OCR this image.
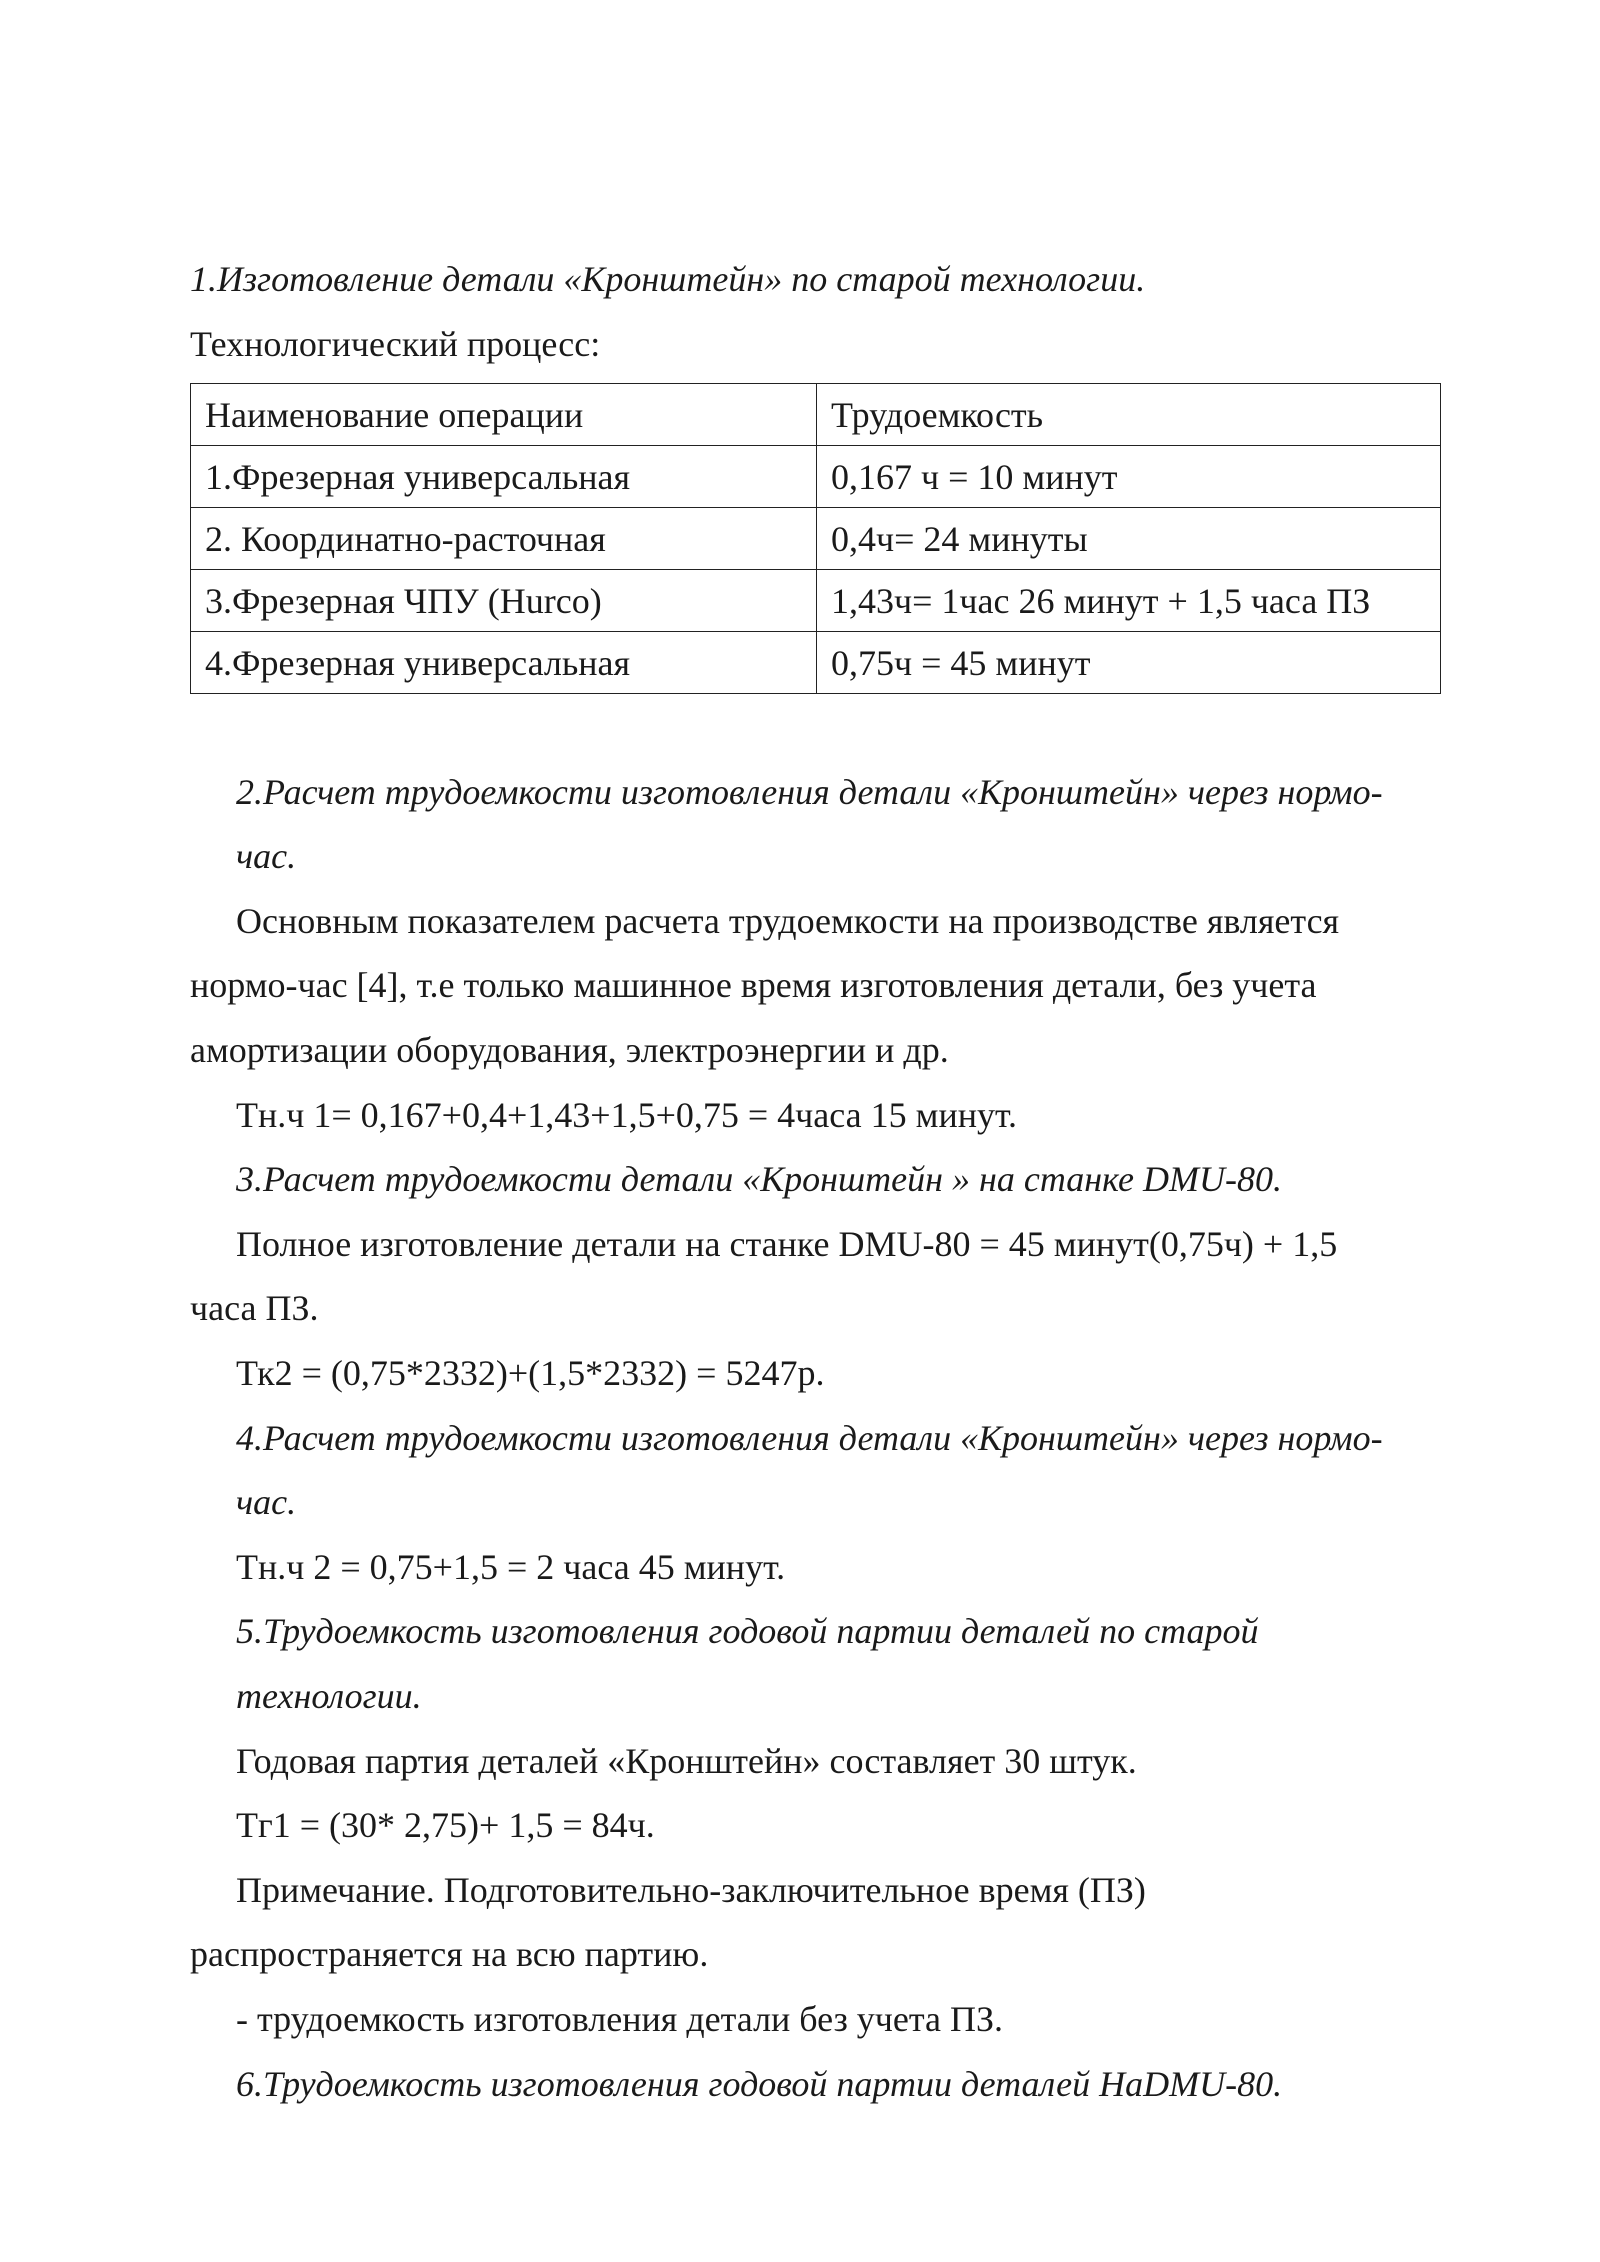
1.Изготовление детали «Кронштейн» по старой технологии.
Технологический процесс:
Наименование операции	Трудоемкость
1.Фрезерная универсальная	0,167 ч = 10 минут
2. Координатно-расточная	0,4ч= 24 минуты
3.Фрезерная ЧПУ (Hurco)	1,43ч= 1час 26 минут + 1,5 часа ПЗ
4.Фрезерная универсальная	0,75ч = 45 минут
2.Расчет трудоемкости изготовления детали «Кронштейн» через нормо-
час.
Основным показателем расчета трудоемкости на производстве является
нормо-час [4], т.е только машинное время изготовления детали, без учета
амортизации оборудования, электроэнергии и др.
Тн.ч 1= 0,167+0,4+1,43+1,5+0,75 = 4часа 15 минут.
3.Расчет трудоемкости детали «Кронштейн » на станке DMU-80.
Полное изготовление детали на станке DMU-80 = 45 минут(0,75ч) + 1,5
часа ПЗ.
Тк2 = (0,75*2332)+(1,5*2332) = 5247р.
4.Расчет трудоемкости изготовления детали «Кронштейн» через нормо-
час.
Тн.ч 2 = 0,75+1,5 = 2 часа 45 минут.
5.Трудоемкость изготовления годовой партии деталей по старой
технологии.
Годовая партия деталей «Кронштейн» составляет 30 штук.
Тг1 = (30* 2,75)+ 1,5 = 84ч.
Примечание. Подготовительно-заключительное время (ПЗ)
распространяется на всю партию.
- трудоемкость изготовления детали без учета ПЗ.
6.Трудоемкость изготовления годовой партии деталей НаDMU-80.
